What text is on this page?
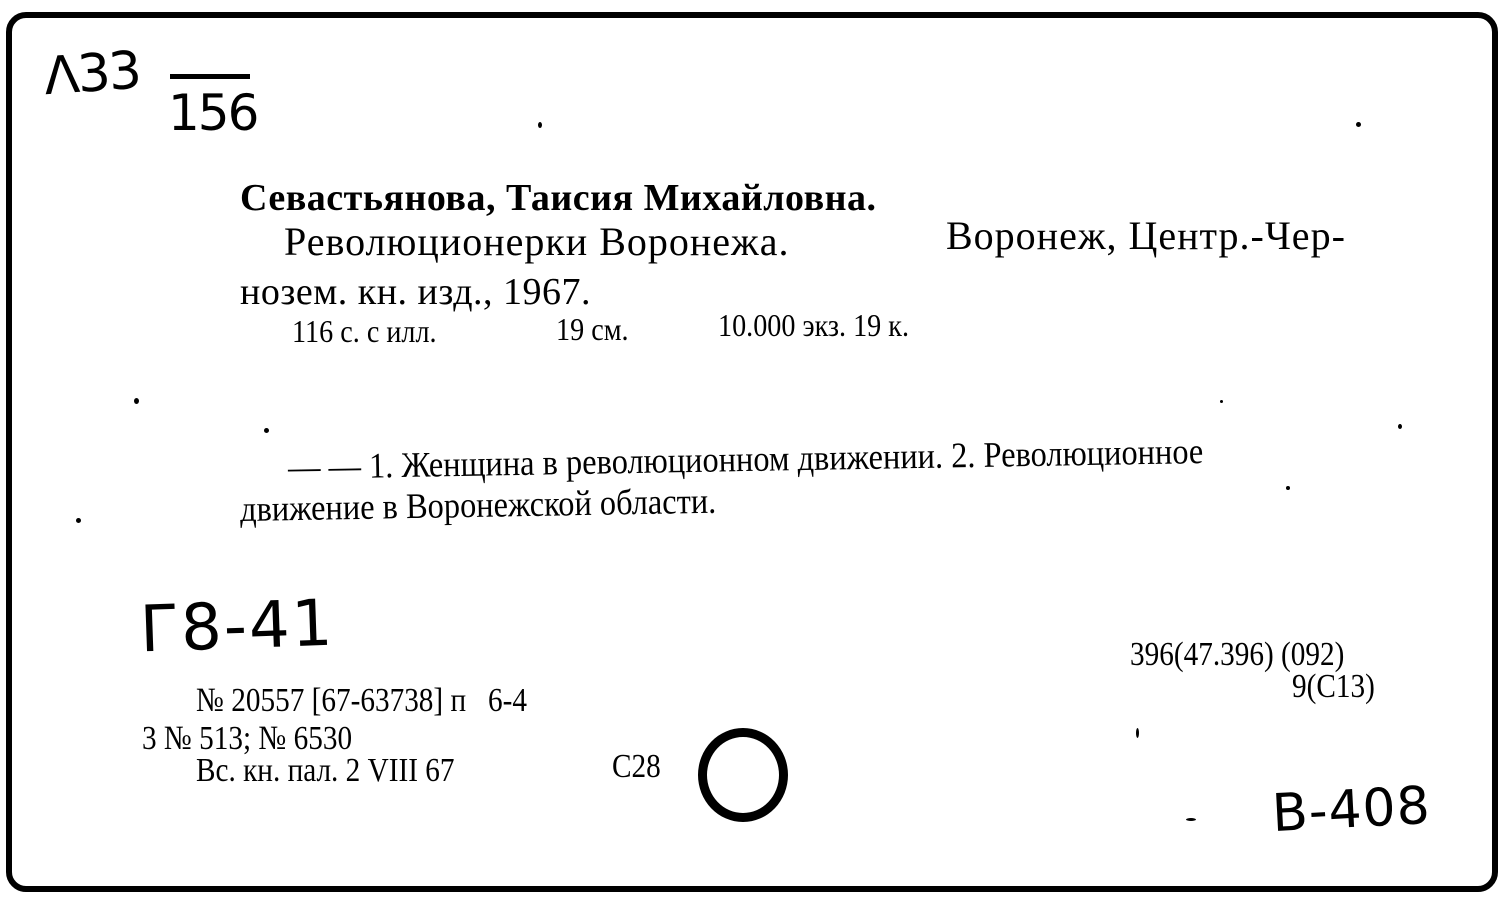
Λ33
156
Севастьянова, Таисия Михайловна.
Революционерки Воронежа.	Воронеж, Центр.-Чер-
нозем. кн. изд., 1967.
116 с. с илл.	19 см.	10.000 экз. 19 к.
— — 1. Женщина в революционном движении. 2. Революционное
движение в Воронежской области.
Г8-41	396(47.396) (092)
9(С13)
№ 20557 [67-63738] п   6-4
3 № 513; № 6530
Вс. кн. пал. 2 VIII 67	С28
B-408
